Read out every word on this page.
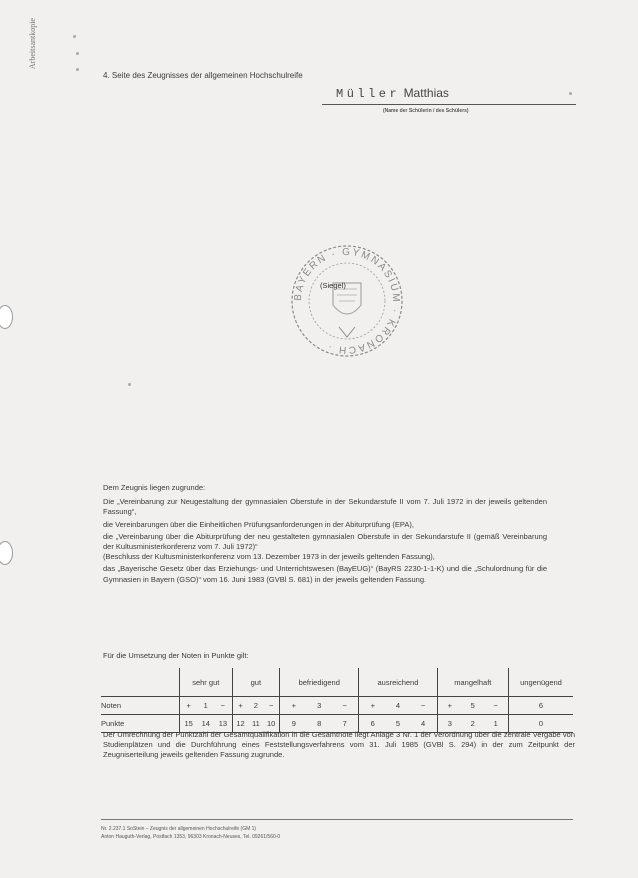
Arbeitsantkopie
4. Seite des Zeugnisses der allgemeinen Hochschulreife
Müller Matthias
(Name der Schülerin / des Schülers)
BAYERN · GYMNASIUM · KRONACH ·
(Siegel)
Dem Zeugnis liegen zugrunde:

Die „Vereinbarung zur Neugestaltung der gymnasialen Oberstufe in der Sekundarstufe II vom 7. Juli 1972 in der jeweils geltenden Fassung“,

die Vereinbarungen über die Einheitlichen Prüfungsanforderungen in der Abiturprüfung (EPA),

die „Vereinbarung über die Abiturprüfung der neu gestalteten gymnasialen Oberstufe in der Sekundarstufe II (gemäß Vereinbarung der Kultusministerkonferenz vom 7. Juli 1972)“

(Beschluss der Kultusministerkonferenz vom 13. Dezember 1973 in der jeweils geltenden Fassung),

das „Bayerische Gesetz über das Erziehungs- und Unterrichtswesen (BayEUG)“ (BayRS 2230-1-1-K) und die „Schulordnung für die Gymnasien in Bayern (GSO)“ vom 16. Juni 1983 (GVBl S. 681) in der jeweils geltenden Fassung.

Für die Umsetzung der Noten in Punkte gilt:
	sehr gut			gut			befriedigend			ausreichend			mangelhaft			ungenügend
Noten	+	1	−	+	2	−	+	3	−	+	4	−	+	5	−	6
Punkte	15	14	13	12	11	10	9	8	7	6	5	4	3	2	1	0
Der Umrechnung der Punktzahl der Gesamtqualifikation in die Gesamtnote liegt Anlage 3 Nr. 1 der Verordnung über die zentrale Vergabe von Studienplätzen und die Durchführung eines Feststellungsverfahrens vom 31. Juli 1985 (GVBl S. 294) in der zum Zeitpunkt der Zeugniserteilung jeweils geltenden Fassung zugrunde.
Nr. 2.237.1 SoStein – Zeugnis der allgemeinen Hochschulreife (GM 1)
Anton Hauguth-Verlag, Postfach 1353, 96303 Kronach-Neuses, Tel. 09261/560-0
